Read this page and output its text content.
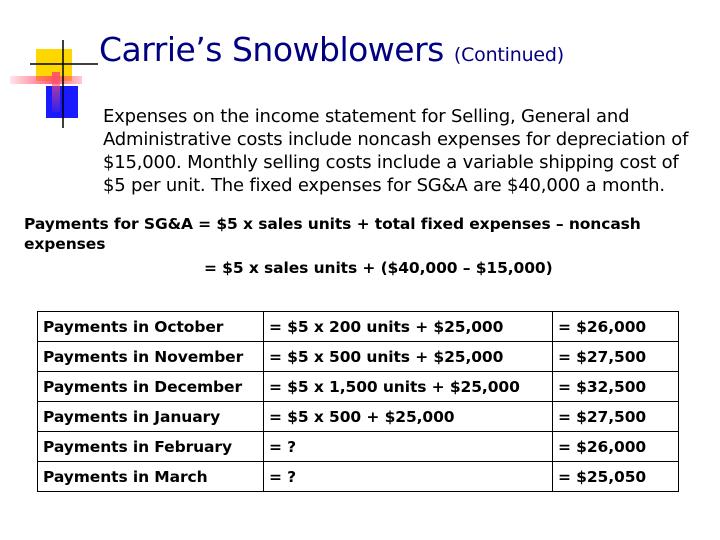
Carrie’s Snowblowers (Continued)
Expenses on the income statement for Selling, General and
Administrative costs include noncash expenses for depreciation of
$15,000. Monthly selling costs include a variable shipping cost of
$5 per unit. The fixed expenses for SG&A are $40,000 a month.
Payments for SG&A = $5 x sales units + total fixed expenses – noncash
expenses
= $5 x sales units + ($40,000 – $15,000)
Payments in October	= $5 x 200 units + $25,000	= $26,000
Payments in November	= $5 x 500 units + $25,000	= $27,500
Payments in December	= $5 x 1,500 units + $25,000	= $32,500
Payments in January	= $5 x 500 + $25,000	= $27,500
Payments in February	= ?	= $26,000
Payments in March	= ?	= $25,050
